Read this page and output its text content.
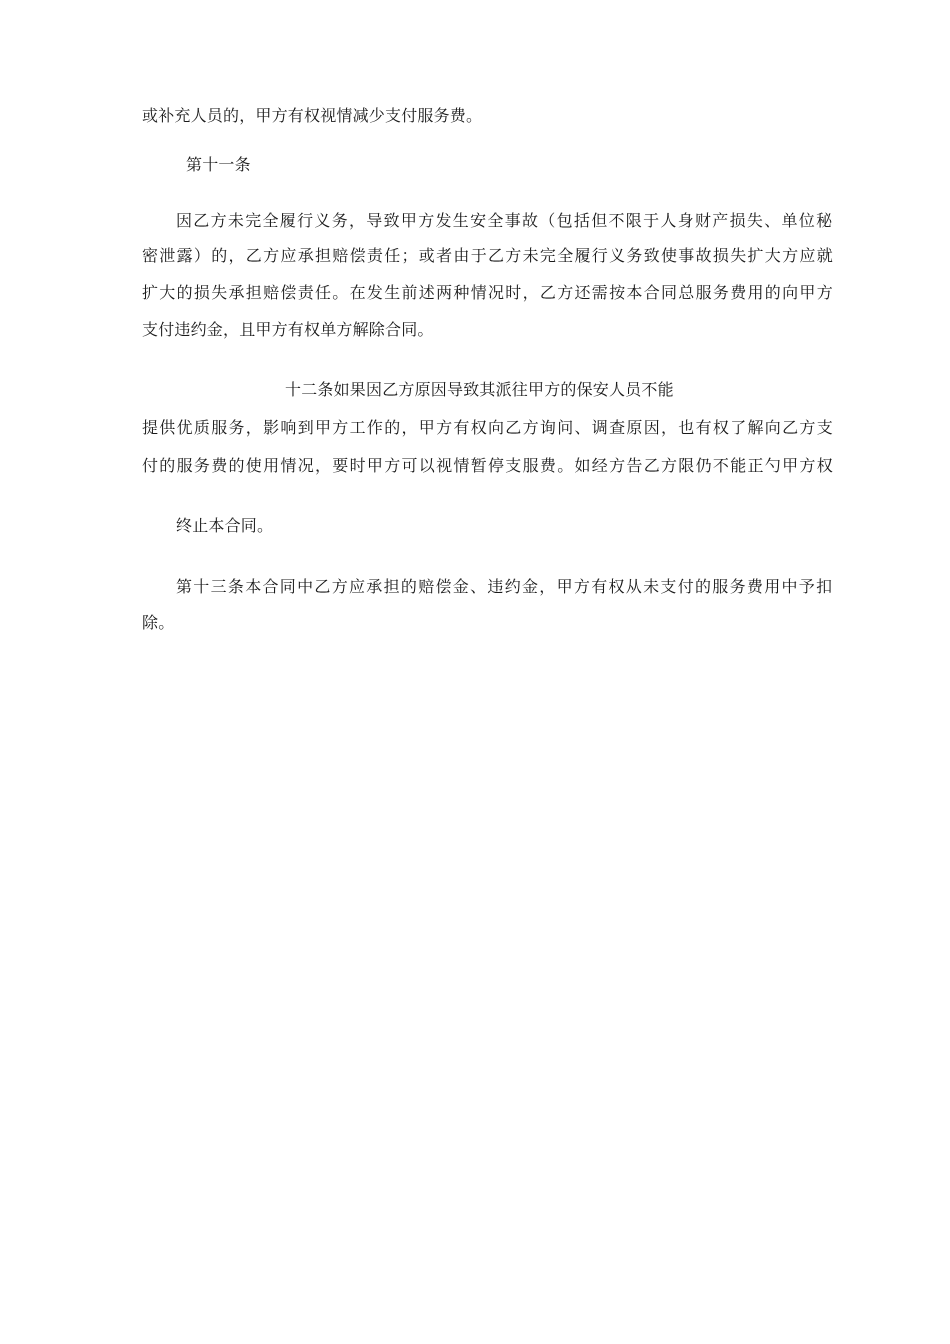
或补充人员的，甲方有权视情减少支付服务费。
第十一条
因乙方未完全履行义务，导致甲方发生安全事故（包括但不限于人身财产损失、单位秘
密泄露）的，乙方应承担赔偿责任；或者由于乙方未完全履行义务致使事故损失扩大方应就
扩大的损失承担赔偿责任。在发生前述两种情况时，乙方还需按本合同总服务费用的向甲方
支付违约金，且甲方有权单方解除合同。
十二条如果因乙方原因导致其派往甲方的保安人员不能
提供优质服务，影响到甲方工作的，甲方有权向乙方询问、调查原因，也有权了解向乙方支
付的服务费的使用情况，要时甲方可以视情暂停支服费。如经方告乙方限仍不能正勺甲方权
终止本合同。
第十三条本合同中乙方应承担的赔偿金、违约金，甲方有权从未支付的服务费用中予扣
除。
